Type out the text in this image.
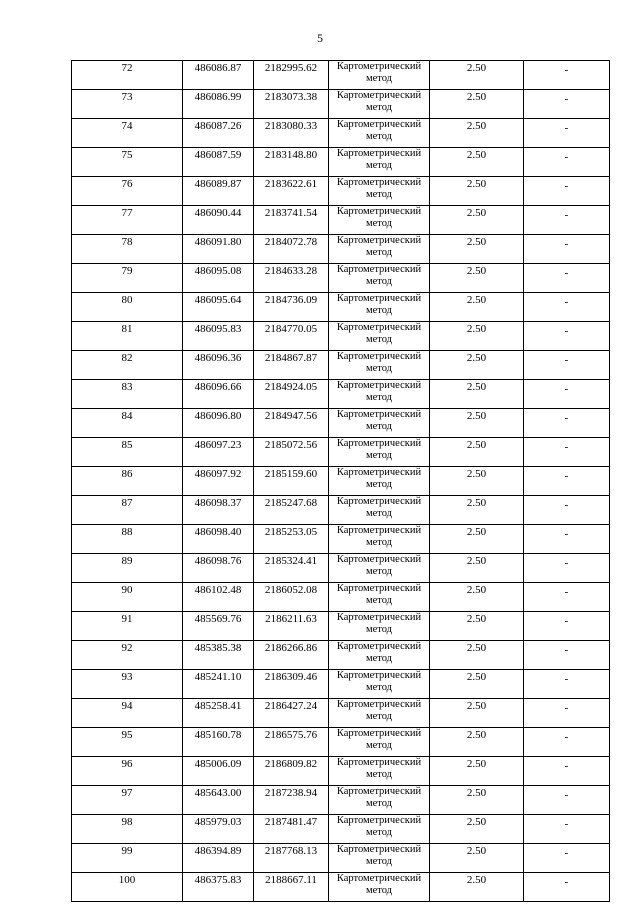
5
72	486086.87	2182995.62	Картометрический метод	2.50	-
73	486086.99	2183073.38	Картометрический метод	2.50	-
74	486087.26	2183080.33	Картометрический метод	2.50	-
75	486087.59	2183148.80	Картометрический метод	2.50	-
76	486089.87	2183622.61	Картометрический метод	2.50	-
77	486090.44	2183741.54	Картометрический метод	2.50	-
78	486091.80	2184072.78	Картометрический метод	2.50	-
79	486095.08	2184633.28	Картометрический метод	2.50	-
80	486095.64	2184736.09	Картометрический метод	2.50	-
81	486095.83	2184770.05	Картометрический метод	2.50	-
82	486096.36	2184867.87	Картометрический метод	2.50	-
83	486096.66	2184924.05	Картометрический метод	2.50	-
84	486096.80	2184947.56	Картометрический метод	2.50	-
85	486097.23	2185072.56	Картометрический метод	2.50	-
86	486097.92	2185159.60	Картометрический метод	2.50	-
87	486098.37	2185247.68	Картометрический метод	2.50	-
88	486098.40	2185253.05	Картометрический метод	2.50	-
89	486098.76	2185324.41	Картометрический метод	2.50	-
90	486102.48	2186052.08	Картометрический метод	2.50	-
91	485569.76	2186211.63	Картометрический метод	2.50	-
92	485385.38	2186266.86	Картометрический метод	2.50	-
93	485241.10	2186309.46	Картометрический метод	2.50	-
94	485258.41	2186427.24	Картометрический метод	2.50	-
95	485160.78	2186575.76	Картометрический метод	2.50	-
96	485006.09	2186809.82	Картометрический метод	2.50	-
97	485643.00	2187238.94	Картометрический метод	2.50	-
98	485979.03	2187481.47	Картометрический метод	2.50	-
99	486394.89	2187768.13	Картометрический метод	2.50	-
100	486375.83	2188667.11	Картометрический метод	2.50	-
